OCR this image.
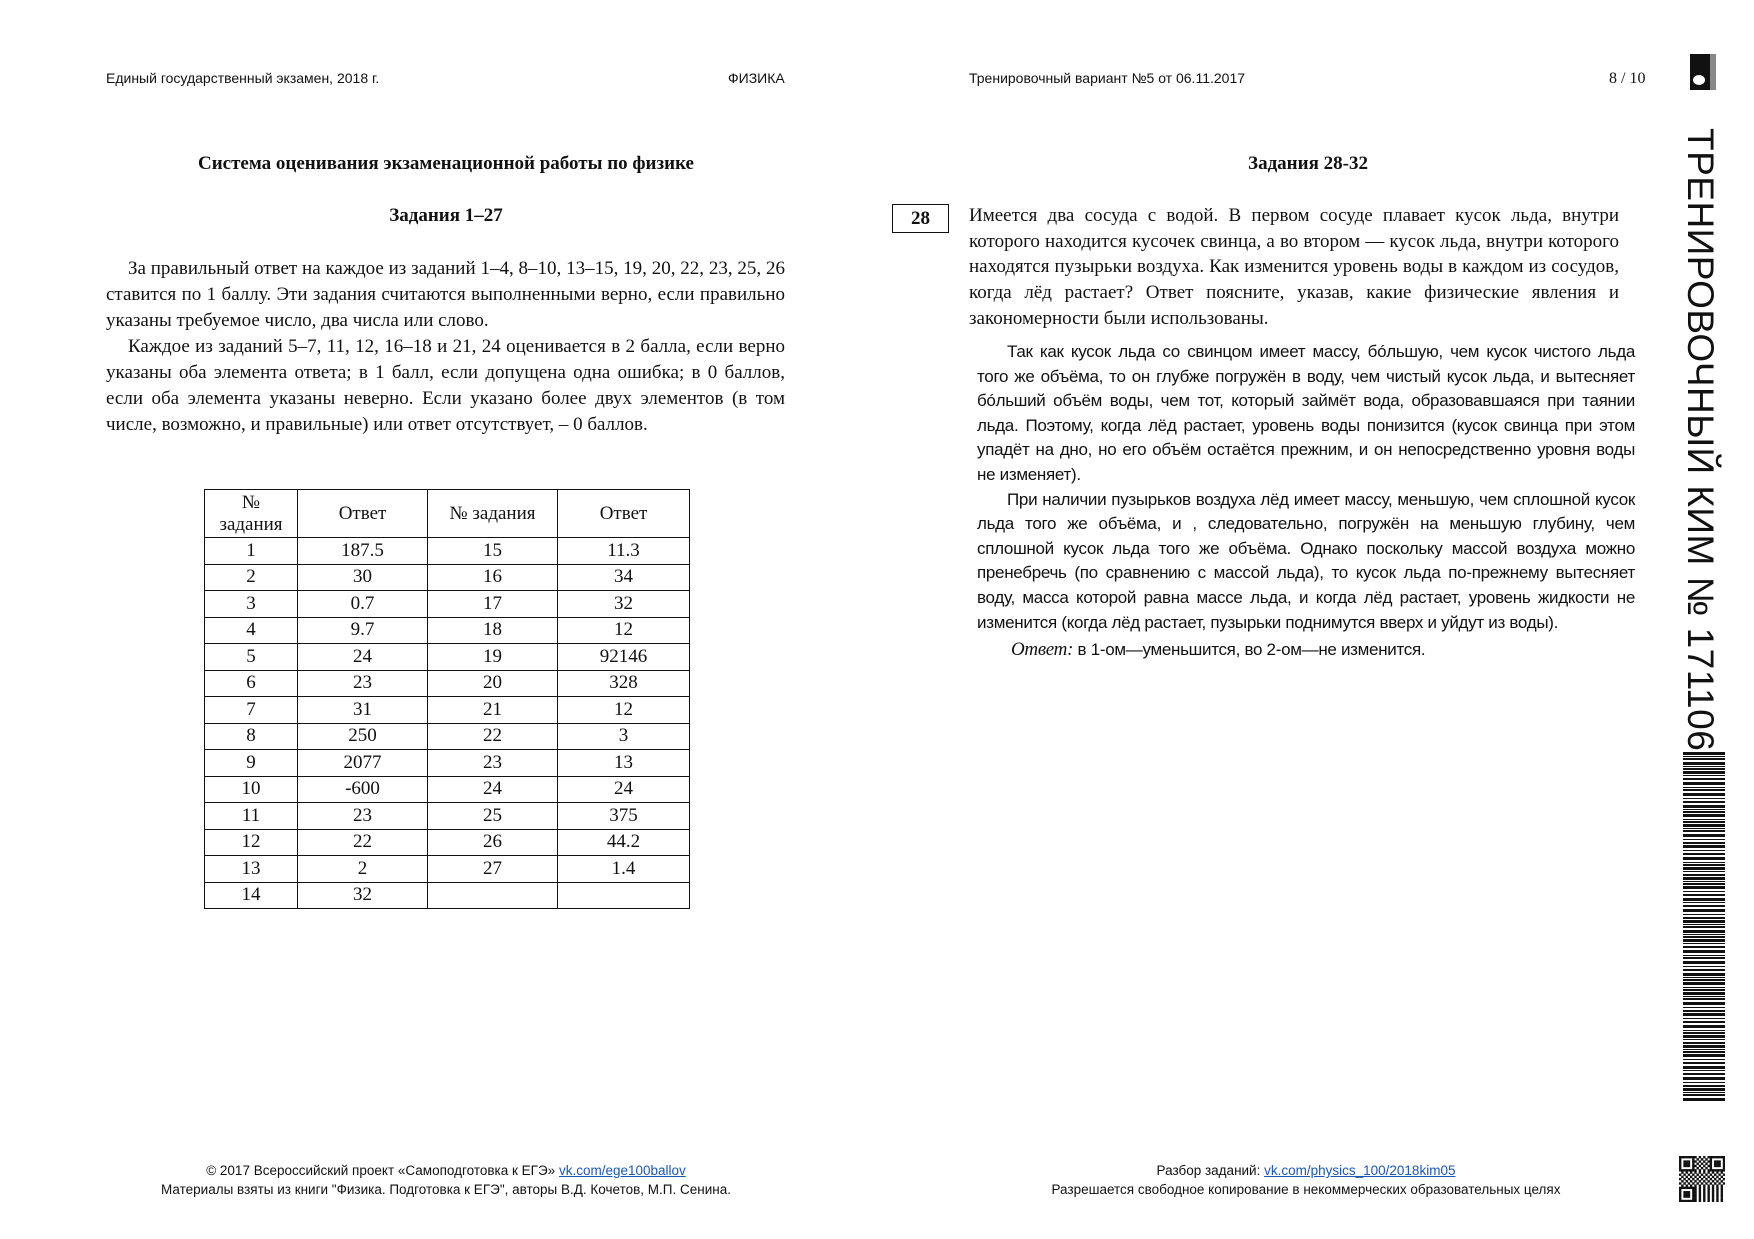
Единый государственный экзамен, 2018 г.	ФИЗИКА	Тренировочный вариант №5 от 06.11.2017	8 / 10
Система оценивания экзаменационной работы по физике
Задания 1–27

За правильный ответ на каждое из заданий 1–4, 8–10, 13–15, 19, 20, 22, 23, 25, 26 ставится по 1 баллу. Эти задания считаются выполненными верно, если правильно указаны требуемое число, два числа или слово.

Каждое из заданий 5–7, 11, 12, 16–18 и 21, 24 оценивается в 2 балла, если верно указаны оба элемента ответа; в 1 балл, если допущена одна ошибка; в 0 баллов, если оба элемента указаны неверно. Если указано более двух элементов (в том числе, возможно, и правильные) или ответ отсутствует, – 0 баллов.

№ задания	Ответ	№ задания	Ответ
1	187.5	15	11.3
2	30	16	34
3	0.7	17	32
4	9.7	18	12
5	24	19	92146
6	23	20	328
7	31	21	12
8	250	22	3
9	2077	23	13
10	-600	24	24
11	23	25	375
12	22	26	44.2
13	2	27	1.4
14	32		
Задания 28-32
28	Имеется два сосуда с водой. В первом сосуде плавает кусок льда, внутри которого находится кусочек свинца, а во втором — кусок льда, внутри которого находятся пузырьки воздуха. Как изменится уровень воды в каждом из сосудов, когда лёд растает? Ответ поясните, указав, какие физические явления и закономерности были использованы.

Так как кусок льда со свинцом имеет массу, бóльшую, чем кусок чистого льда того же объёма, то он глубже погружён в воду, чем чистый кусок льда, и вытесняет бóльший объём воды, чем тот, который займёт вода, образовавшаяся при таянии льда. Поэтому, когда лёд растает, уровень воды понизится (кусок свинца при этом упадёт на дно, но его объём остаётся прежним, и он непосредственно уровня воды не изменяет).

При наличии пузырьков воздуха лёд имеет массу, меньшую, чем сплошной кусок льда того же объёма, и , следовательно, погружён на меньшую глубину, чем сплошной кусок льда того же объёма. Однако поскольку массой воздуха можно пренебречь (по сравнению с массой льда), то кусок льда по-прежнему вытесняет воду, масса которой равна массе льда, и когда лёд растает, уровень жидкости не изменится (когда лёд растает, пузырьки поднимутся вверх и уйдут из воды).

Ответ: в 1-ом—уменьшится, во 2-ом—не изменится.	ТРЕНИРОВОЧНЫЙ КИМ № 171106
© 2017 Всероссийский проект «Самоподготовка к ЕГЭ» vk.com/ege100ballov
Материалы взяты из книги "Физика. Подготовка к ЕГЭ", авторы В.Д. Кочетов, М.П. Сенина.
Разбор заданий: vk.com/physics_100/2018kim05
Разрешается свободное копирование в некоммерческих образовательных целях
